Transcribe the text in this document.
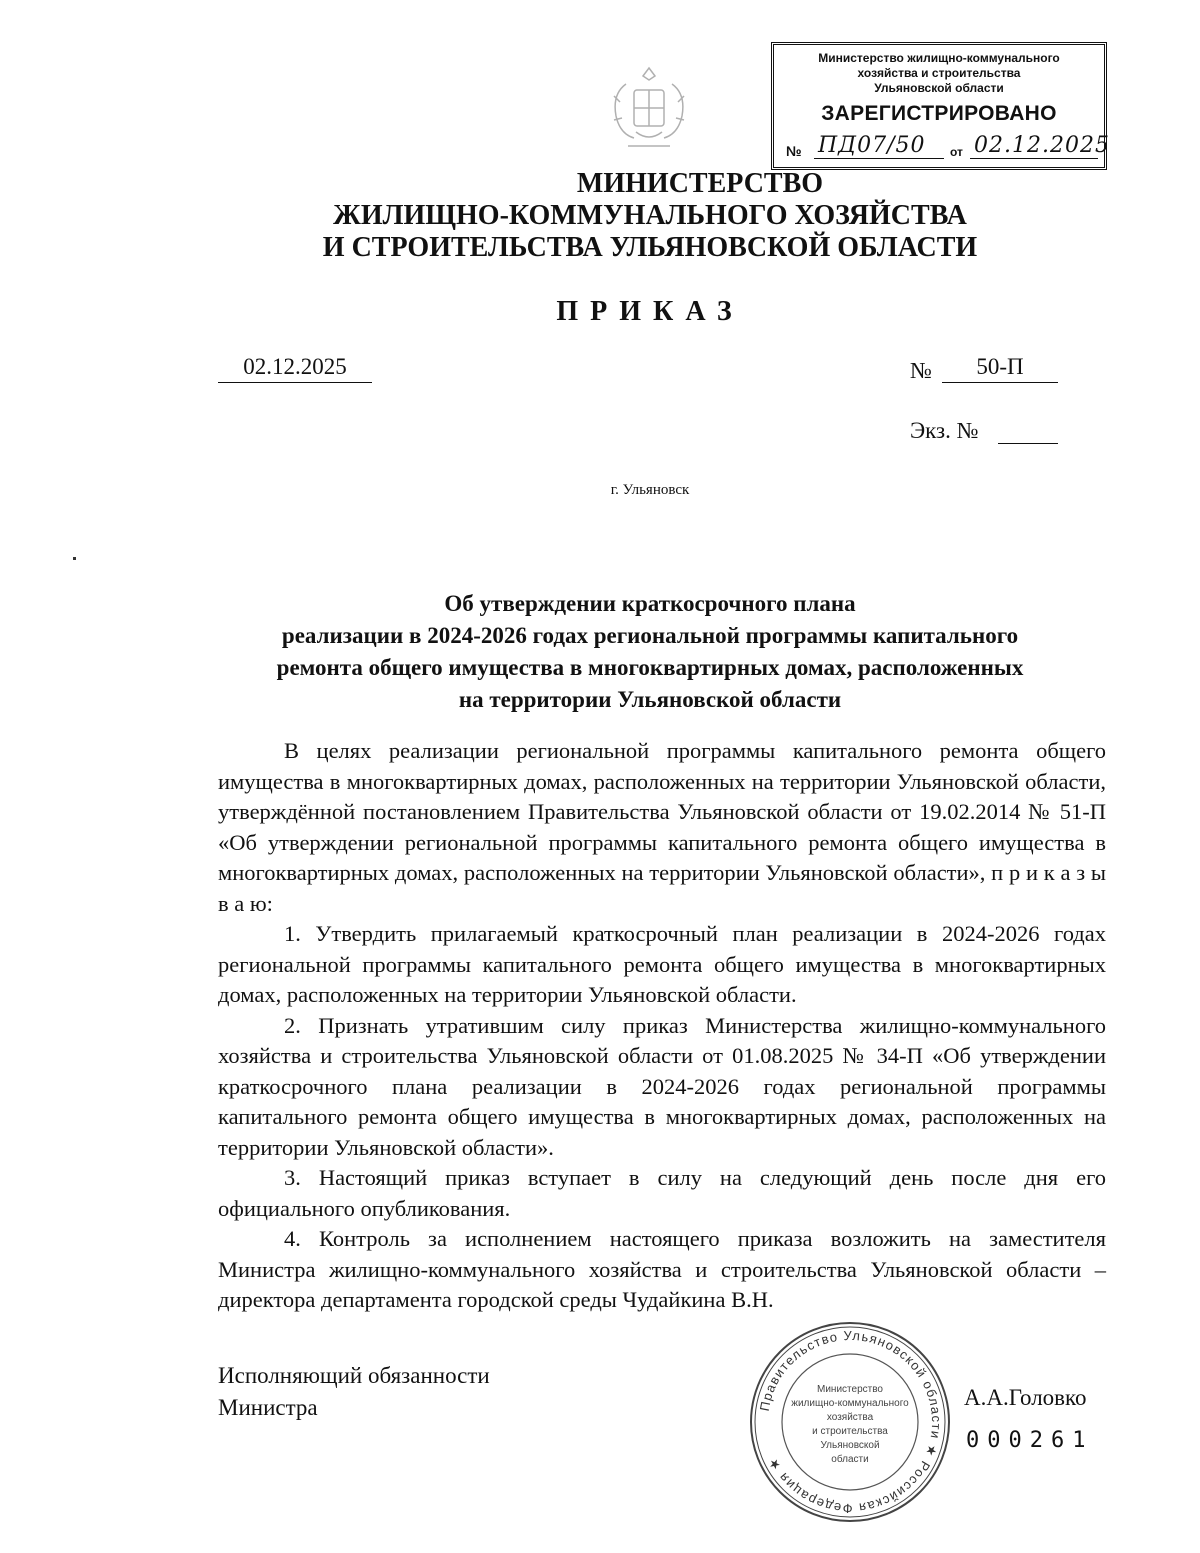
Министерство жилищно-коммунального
хозяйства и строительства
Ульяновской области
ЗАРЕГИСТРИРОВАНО
№ ПД07/50 от 02.12.2025
МИНИСТЕРСТВО
ЖИЛИЩНО-КОММУНАЛЬНОГО ХОЗЯЙСТВА
И СТРОИТЕЛЬСТВА УЛЬЯНОВСКОЙ ОБЛАСТИ
ПРИКАЗ
02.12.2025	№	50-П
Экз. №
г. Ульяновск
Об утверждении краткосрочного плана
реализации в 2024-2026 годах региональной программы капитального
ремонта общего имущества в многоквартирных домах, расположенных
на территории Ульяновской области

В целях реализации региональной программы капитального ремонта общего имущества в многоквартирных домах, расположенных на территории Ульяновской области, утверждённой постановлением Правительства Ульяновской области от 19.02.2014 № 51-П «Об утверждении региональной программы капитального ремонта общего имущества в многоквартирных домах, расположенных на территории Ульяновской области», п р и к а з ы в а ю:

1. Утвердить прилагаемый краткосрочный план реализации в 2024-2026 годах региональной программы капитального ремонта общего имущества в многоквартирных домах, расположенных на территории Ульяновской области.

2. Признать утратившим силу приказ Министерства жилищно-коммунального хозяйства и строительства Ульяновской области от 01.08.2025 № 34-П «Об утверждении краткосрочного плана реализации в 2024-2026 годах региональной программы капитального ремонта общего имущества в многоквартирных домах, расположенных на территории Ульяновской области».

3. Настоящий приказ вступает в силу на следующий день после дня его официального опубликования.

4. Контроль за исполнением настоящего приказа возложить на заместителя Министра жилищно-коммунального хозяйства и строительства Ульяновской области – директора департамента городской среды Чудайкина В.Н.

Исполняющий обязанности
Министра	Правительство Ульяновской области ★ Российская Федерация ★
Министерство
жилищно-коммунального
хозяйства
и строительства
Ульяновской
области
А.А.Головко
000261
